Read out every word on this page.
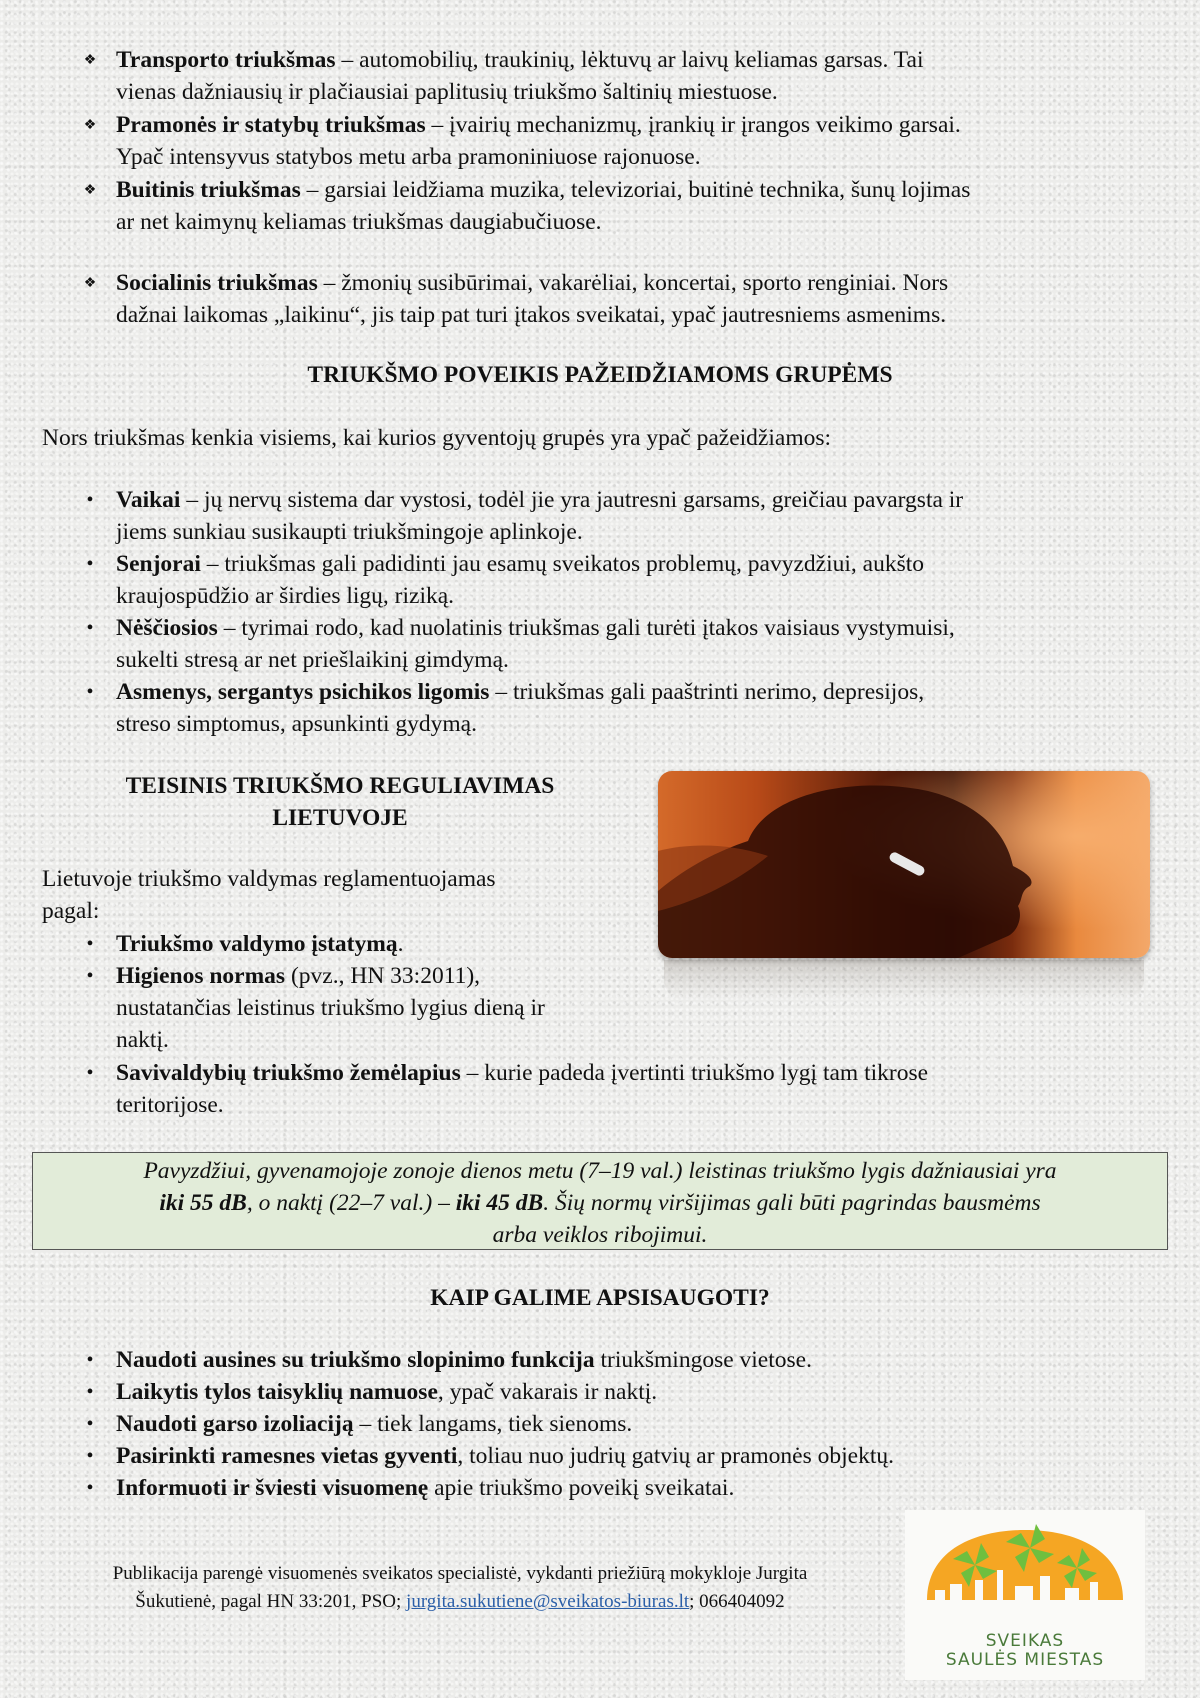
❖ Transporto triukšmas – automobilių, traukinių, lėktuvų ar laivų keliamas garsas. Tai
vienas dažniausių ir plačiausiai paplitusių triukšmo šaltinių miestuose.
❖ Pramonės ir statybų triukšmas – įvairių mechanizmų, įrankių ir įrangos veikimo garsai.
Ypač intensyvus statybos metu arba pramoniniuose rajonuose.
❖ Buitinis triukšmas – garsiai leidžiama muzika, televizoriai, buitinė technika, šunų lojimas
ar net kaimynų keliamas triukšmas daugiabučiuose.
❖ Socialinis triukšmas – žmonių susibūrimai, vakarėliai, koncertai, sporto renginiai. Nors
dažnai laikomas „laikinu“, jis taip pat turi įtakos sveikatai, ypač jautresniems asmenims.
TRIUKŠMO POVEIKIS PAŽEIDŽIAMOMS GRUPĖMS
Nors triukšmas kenkia visiems, kai kurios gyventojų grupės yra ypač pažeidžiamos:
• Vaikai – jų nervų sistema dar vystosi, todėl jie yra jautresni garsams, greičiau pavargsta ir
jiems sunkiau susikaupti triukšmingoje aplinkoje.
• Senjorai – triukšmas gali padidinti jau esamų sveikatos problemų, pavyzdžiui, aukšto
kraujospūdžio ar širdies ligų, riziką.
• Nėščiosios – tyrimai rodo, kad nuolatinis triukšmas gali turėti įtakos vaisiaus vystymuisi,
sukelti stresą ar net priešlaikinį gimdymą.
• Asmenys, sergantys psichikos ligomis – triukšmas gali paaštrinti nerimo, depresijos,
streso simptomus, apsunkinti gydymą.
TEISINIS TRIUKŠMO REGULIAVIMAS
LIETUVOJE
Lietuvoje triukšmo valdymas reglamentuojamas
pagal:
• Triukšmo valdymo įstatymą.
• Higienos normas (pvz., HN 33:2011),
nustatančias leistinus triukšmo lygius dieną ir
naktį.
• Savivaldybių triukšmo žemėlapius – kurie padeda įvertinti triukšmo lygį tam tikrose
teritorijose.
Pavyzdžiui, gyvenamojoje zonoje dienos metu (7–19 val.) leistinas triukšmo lygis dažniausiai yra
iki 55 dB, o naktį (22–7 val.) – iki 45 dB. Šių normų viršijimas gali būti pagrindas bausmėms
arba veiklos ribojimui.
KAIP GALIME APSISAUGOTI?
• Naudoti ausines su triukšmo slopinimo funkcija triukšmingose vietose.
• Laikytis tylos taisyklių namuose, ypač vakarais ir naktį.
• Naudoti garso izoliaciją – tiek langams, tiek sienoms.
• Pasirinkti ramesnes vietas gyventi, toliau nuo judrių gatvių ar pramonės objektų.
• Informuoti ir šviesti visuomenę apie triukšmo poveikį sveikatai.
Publikacija parengė visuomenės sveikatos specialistė, vykdanti priežiūrą mokykloje Jurgita
Šukutienė, pagal HN 33:201, PSO; jurgita.sukutiene@sveikatos-biuras.lt; 066404092
SVEIKAS
SAULĖS MIESTAS
